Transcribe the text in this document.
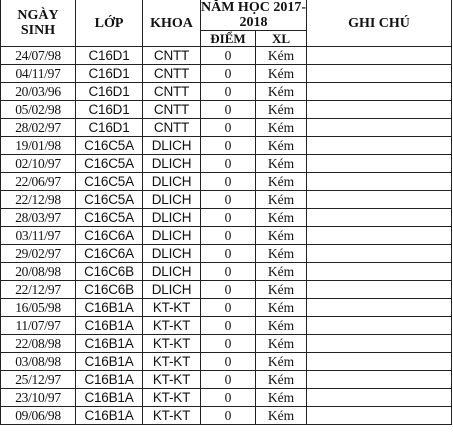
NGÀY SINH	LỚP	KHOA	NĂM HỌC 2017-2018		GHI CHÚ
			ĐIỂM	XL	
24/07/98	C16D1	CNTT	0	Kém	
04/11/97	C16D1	CNTT	0	Kém	
20/03/96	C16D1	CNTT	0	Kém	
05/02/98	C16D1	CNTT	0	Kém	
28/02/97	C16D1	CNTT	0	Kém	
19/01/98	C16C5A	DLICH	0	Kém	
02/10/97	C16C5A	DLICH	0	Kém	
22/06/97	C16C5A	DLICH	0	Kém	
22/12/98	C16C5A	DLICH	0	Kém	
28/03/97	C16C5A	DLICH	0	Kém	
03/11/97	C16C6A	DLICH	0	Kém	
29/02/97	C16C6A	DLICH	0	Kém	
20/08/98	C16C6B	DLICH	0	Kém	
22/12/97	C16C6B	DLICH	0	Kém	
16/05/98	C16B1A	KT-KT	0	Kém	
11/07/97	C16B1A	KT-KT	0	Kém	
22/08/98	C16B1A	KT-KT	0	Kém	
03/08/98	C16B1A	KT-KT	0	Kém	
25/12/97	C16B1A	KT-KT	0	Kém	
23/10/97	C16B1A	KT-KT	0	Kém	
09/06/98	C16B1A	KT-KT	0	Kém	
